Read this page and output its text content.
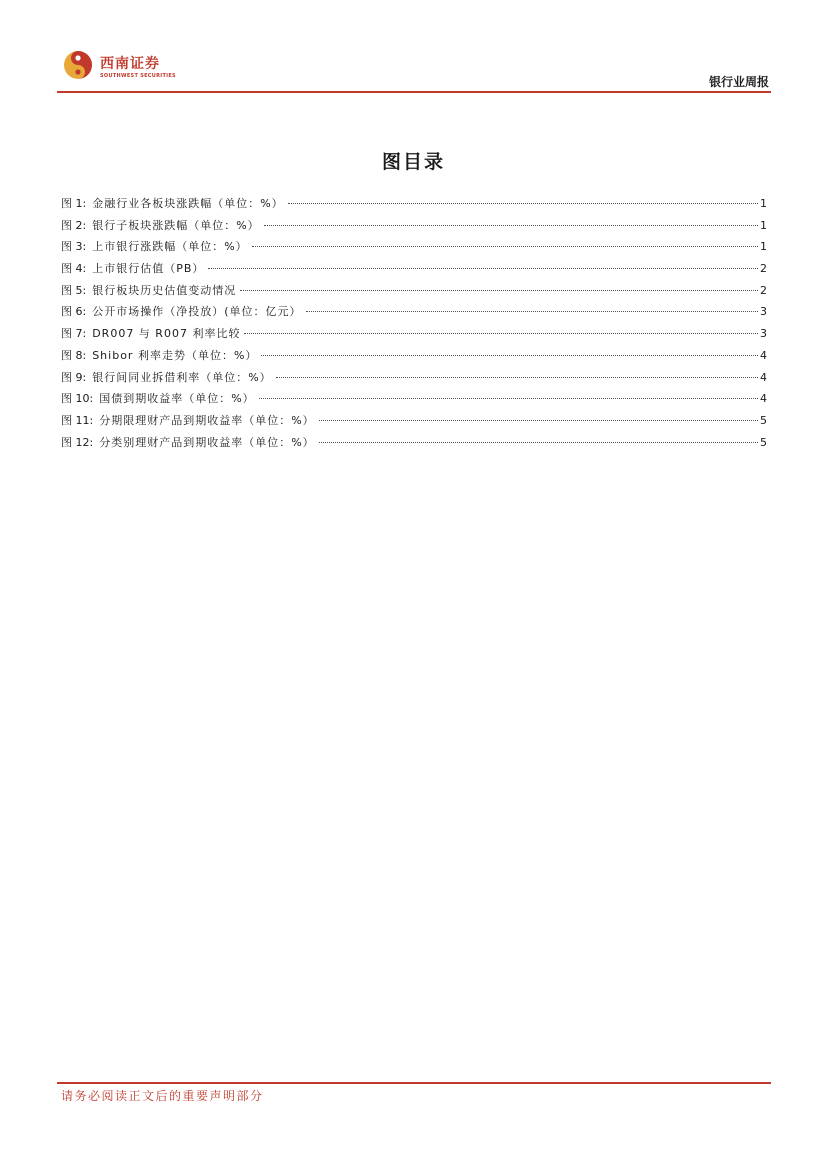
西南证券
SOUTHWEST SECURITIES	银行业周报
图目录
图 1: 金融行业各板块涨跌幅（单位：%）	1
图 2: 银行子板块涨跌幅（单位：%）	1
图 3: 上市银行涨跌幅（单位：%）	1
图 4: 上市银行估值（PB）	2
图 5: 银行板块历史估值变动情况	2
图 6: 公开市场操作（净投放）(单位：亿元）	3
图 7: DR007 与 R007 利率比较	3
图 8: Shibor 利率走势（单位：%）	4
图 9: 银行间同业拆借利率（单位：%）	4
图 10: 国债到期收益率（单位：%）	4
图 11: 分期限理财产品到期收益率（单位：%）	5
图 12: 分类别理财产品到期收益率（单位：%）	5
请务必阅读正文后的重要声明部分
